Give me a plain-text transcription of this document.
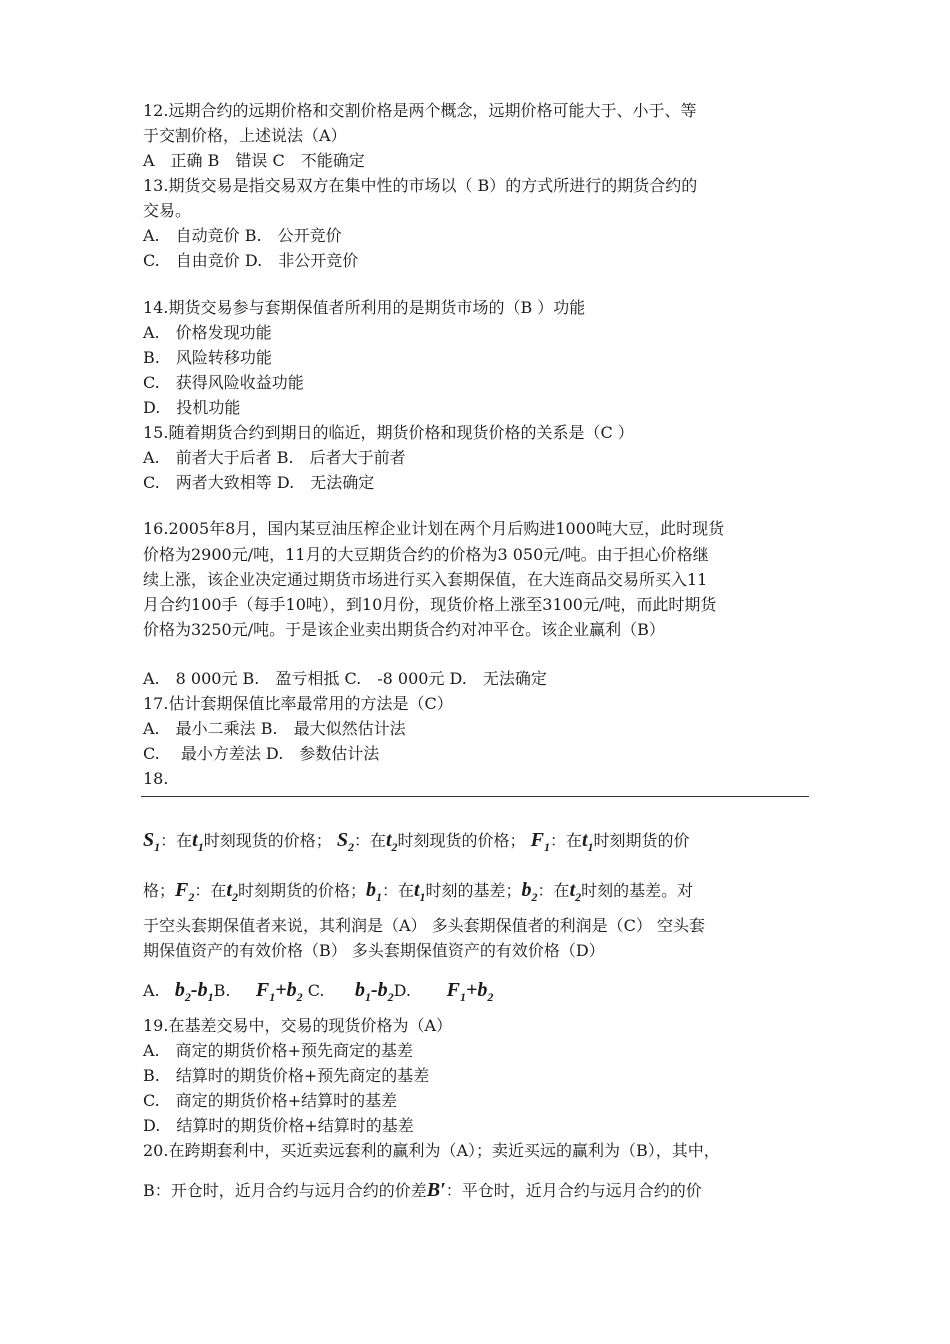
12.远期合约的远期价格和交割价格是两个概念，远期价格可能大于、小于、等
于交割价格，上述说法（A）
A　正确 B　错误 C　不能确定
13.期货交易是指交易双方在集中性的市场以（ B）的方式所进行的期货合约的
交易。
A.　自动竞价 B.　公开竞价
C.　自由竞价 D.　非公开竞价
14.期货交易参与套期保值者所利用的是期货市场的（B ）功能
A.　价格发现功能
B.　风险转移功能
C.　获得风险收益功能
D.　投机功能
15.随着期货合约到期日的临近，期货价格和现货价格的关系是（C ）
A.　前者大于后者 B.　后者大于前者
C.　两者大致相等 D.　无法确定
16.2005年8月，国内某豆油压榨企业计划在两个月后购进1000吨大豆，此时现货
价格为2900元/吨，11月的大豆期货合约的价格为3 050元/吨。由于担心价格继
续上涨，该企业决定通过期货市场进行买入套期保值，在大连商品交易所买入11
月合约100手（每手10吨），到10月份，现货价格上涨至3100元/吨，而此时期货
价格为3250元/吨。于是该企业卖出期货合约对冲平仓。该企业赢利（B）
A.　8 000元 B.　盈亏相抵 C.　-8 000元 D.　无法确定
17.估计套期保值比率最常用的方法是（C）
A.　最小二乘法 B.　最大似然估计法
C.　 最小方差法 D.　参数估计法
18.
$S_1$：在$t_1$时刻现货的价格； $S_2$：在$t_2$时刻现货的价格； $F_1$：在$t_1$时刻期货的价
格；$F_2$：在$t_2$时刻期货的价格；$b_1$：在$t_1$时刻的基差；$b_2$：在$t_2$时刻的基差。对
于空头套期保值者来说，其利润是（A） 多头套期保值者的利润是（C） 空头套
期保值资产的有效价格（B） 多头套期保值资产的有效价格（D）
A. $b_2-b_1B$. $F_1+b_2$ C. $b_1-b_2D$. $F_1+b_2$
19.在基差交易中，交易的现货价格为（A）
A.　商定的期货价格+预先商定的基差
B.　结算时的期货价格+预先商定的基差
C.　商定的期货价格+结算时的基差
D.　结算时的期货价格+结算时的基差
20.在跨期套利中，买近卖远套利的赢利为（A）；卖近买远的赢利为（B），其中，
B：开仓时，近月合约与远月合约的价差B′：平仓时，近月合约与远月合约的价
